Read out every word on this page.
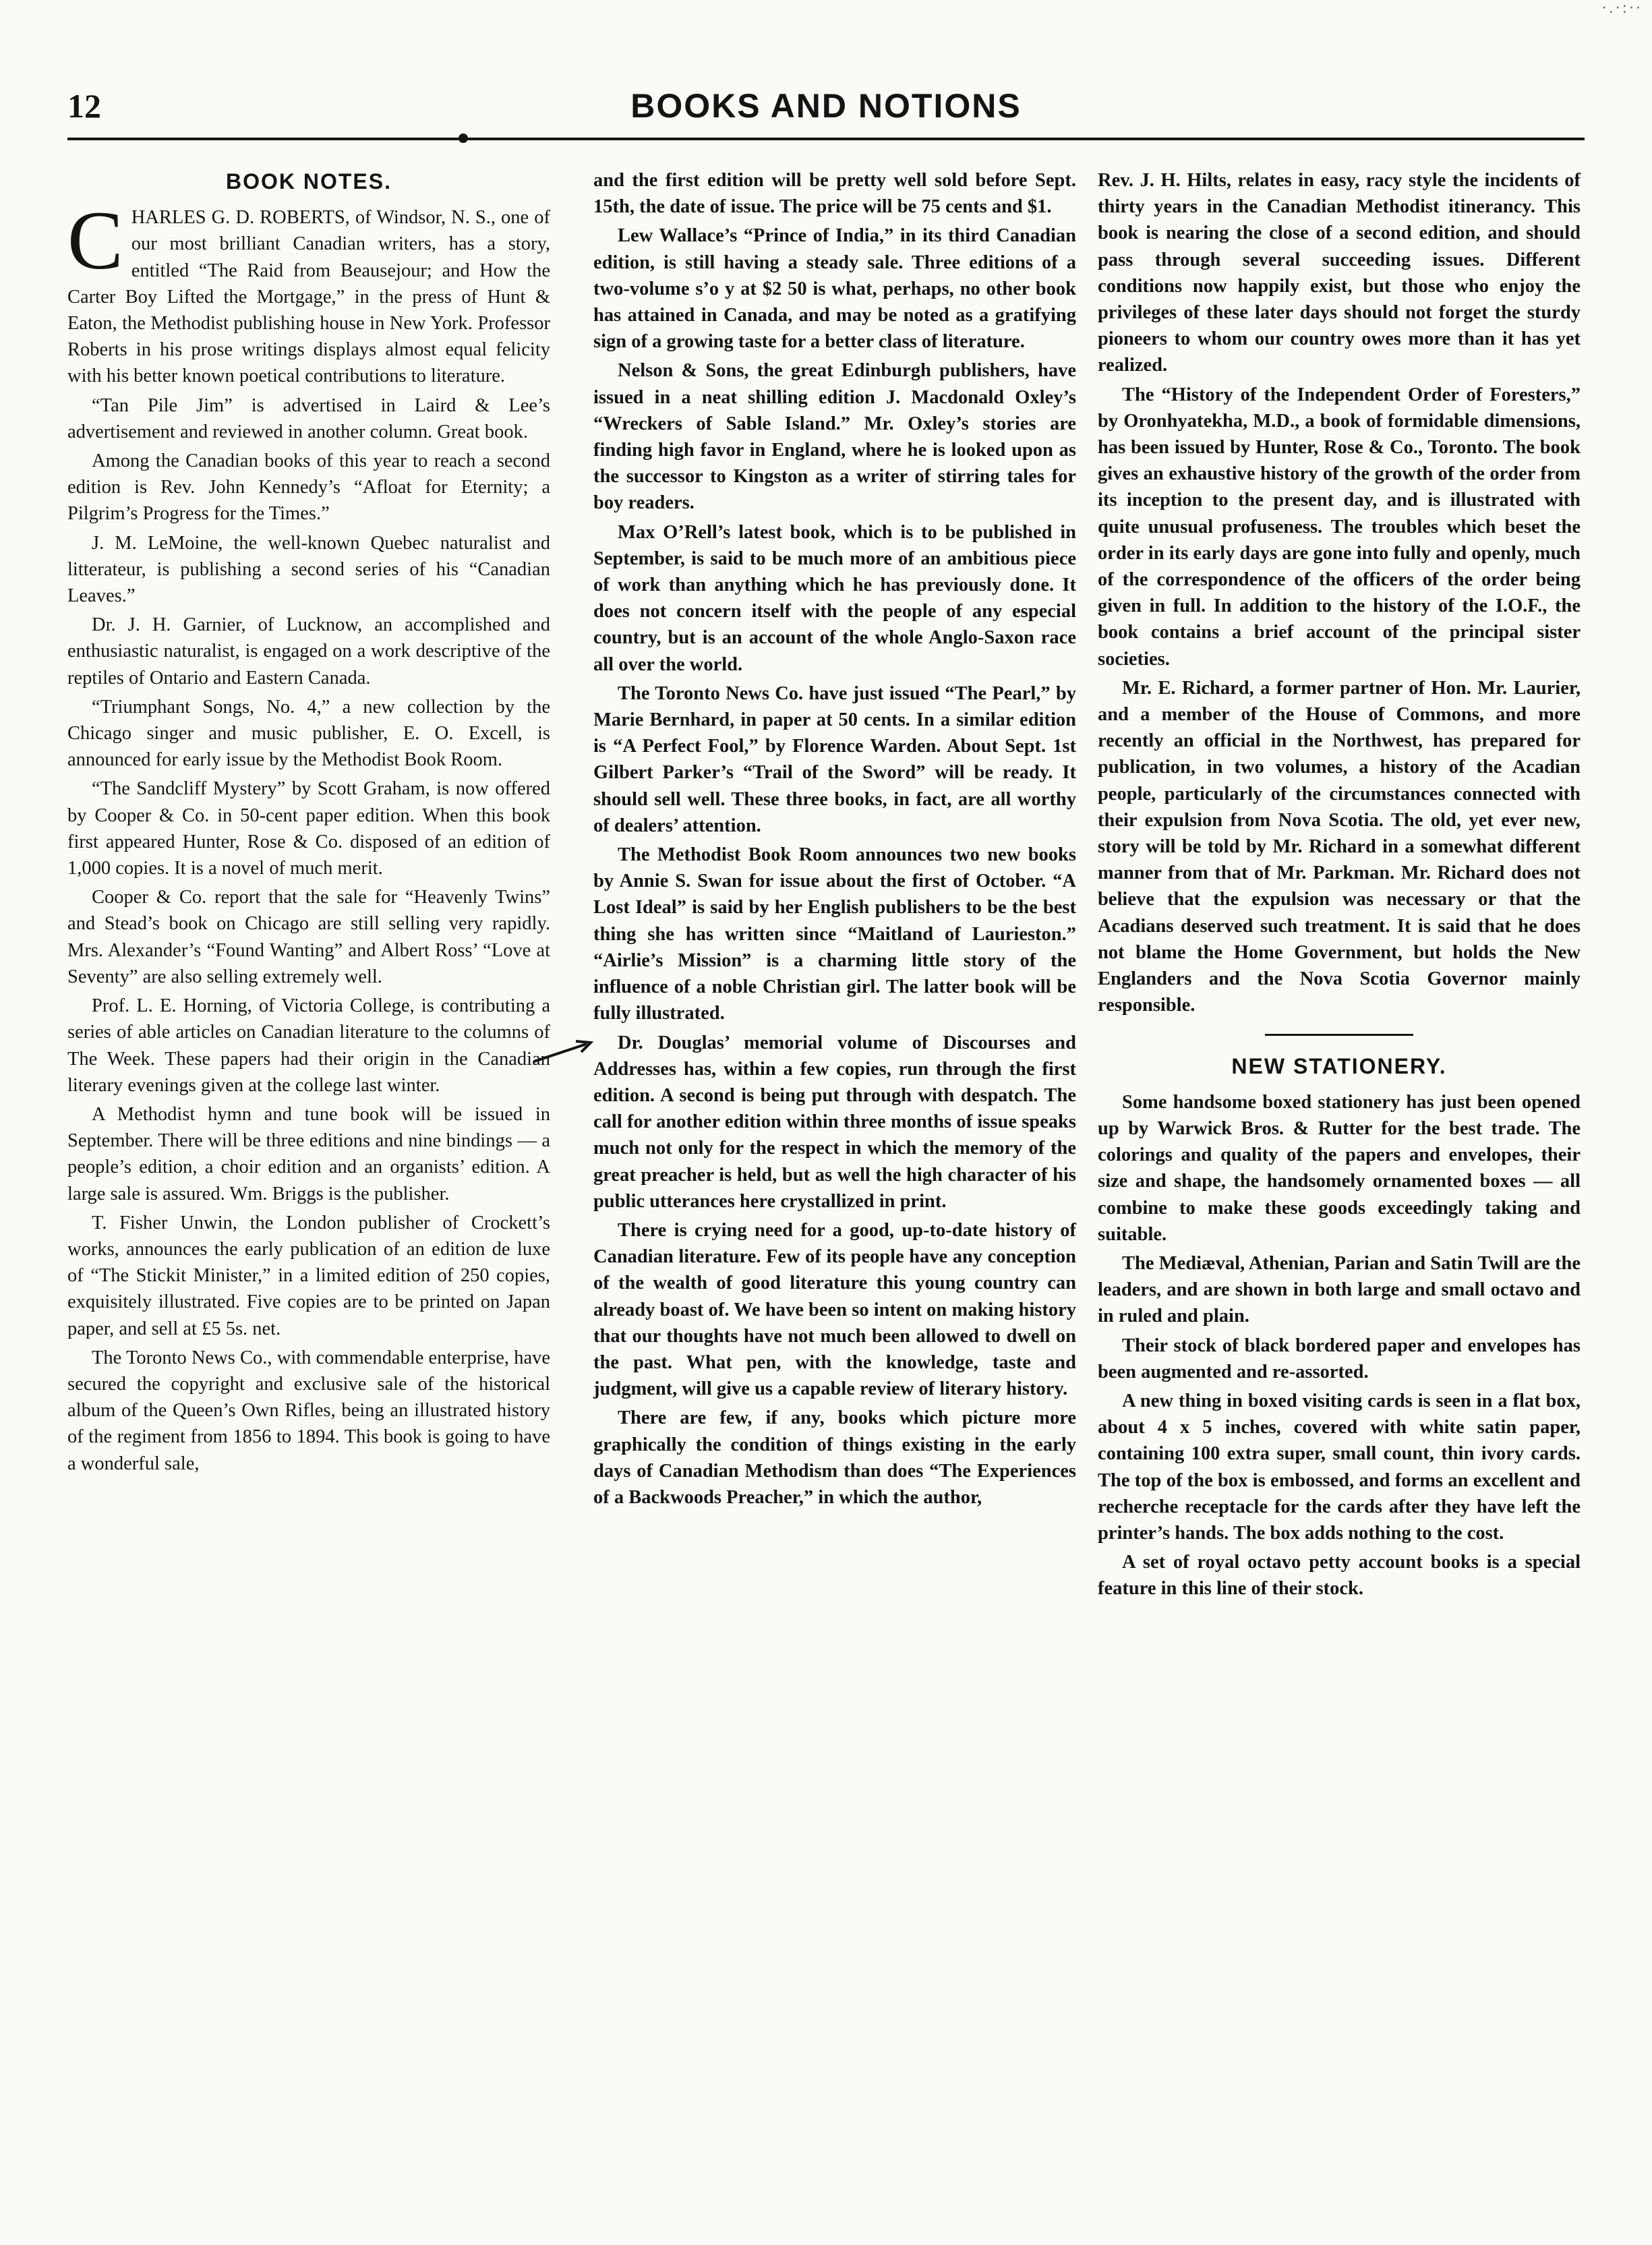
·.·:··
12	BOOKS AND NOTIONS
BOOK NOTES.

CHARLES G. D. ROBERTS, of Windsor, N. S., one of our most brilliant Canadian writers, has a story, entitled “The Raid from Beausejour; and How the Carter Boy Lifted the Mortgage,” in the press of Hunt & Eaton, the Methodist publishing house in New York. Professor Roberts in his prose writings displays almost equal felicity with his better known poetical contributions to literature.

“Tan Pile Jim” is advertised in Laird & Lee’s advertisement and reviewed in another column. Great book.

Among the Canadian books of this year to reach a second edition is Rev. John Kennedy’s “Afloat for Eternity; a Pilgrim’s Progress for the Times.”

J. M. LeMoine, the well-known Quebec naturalist and litterateur, is publishing a second series of his “Canadian Leaves.”

Dr. J. H. Garnier, of Lucknow, an accomplished and enthusiastic naturalist, is engaged on a work descriptive of the reptiles of Ontario and Eastern Canada.

“Triumphant Songs, No. 4,” a new collection by the Chicago singer and music publisher, E. O. Excell, is announced for early issue by the Methodist Book Room.

“The Sandcliff Mystery” by Scott Graham, is now offered by Cooper & Co. in 50-cent paper edition. When this book first appeared Hunter, Rose & Co. disposed of an edition of 1,000 copies. It is a novel of much merit.

Cooper & Co. report that the sale for “Heavenly Twins” and Stead’s book on Chicago are still selling very rapidly. Mrs. Alexander’s “Found Wanting” and Albert Ross’ “Love at Seventy” are also selling extremely well.

Prof. L. E. Horning, of Victoria College, is contributing a series of able articles on Canadian literature to the columns of The Week. These papers had their origin in the Canadian literary evenings given at the college last winter.

A Methodist hymn and tune book will be issued in September. There will be three editions and nine bindings — a people’s edition, a choir edition and an organists’ edition. A large sale is assured. Wm. Briggs is the publisher.

T. Fisher Unwin, the London publisher of Crockett’s works, announces the early publication of an edition de luxe of “The Stickit Minister,” in a limited edition of 250 copies, exquisitely illustrated. Five copies are to be printed on Japan paper, and sell at £5 5s. net.

The Toronto News Co., with commendable enterprise, have secured the copyright and exclusive sale of the historical album of the Queen’s Own Rifles, being an illustrated history of the regiment from 1856 to 1894. This book is going to have a wonderful sale,

and the first edition will be pretty well sold before Sept. 15th, the date of issue. The price will be 75 cents and $1.

Lew Wallace’s “Prince of India,” in its third Canadian edition, is still having a steady sale. Three editions of a two-volume s’o y at $2 50 is what, perhaps, no other book has attained in Canada, and may be noted as a gratifying sign of a growing taste for a better class of literature.

Nelson & Sons, the great Edinburgh publishers, have issued in a neat shilling edition J. Macdonald Oxley’s “Wreckers of Sable Island.” Mr. Oxley’s stories are finding high favor in England, where he is looked upon as the successor to Kingston as a writer of stirring tales for boy readers.

Max O’Rell’s latest book, which is to be published in September, is said to be much more of an ambitious piece of work than anything which he has previously done. It does not concern itself with the people of any especial country, but is an account of the whole Anglo-Saxon race all over the world.

The Toronto News Co. have just issued “The Pearl,” by Marie Bernhard, in paper at 50 cents. In a similar edition is “A Perfect Fool,” by Florence Warden. About Sept. 1st Gilbert Parker’s “Trail of the Sword” will be ready. It should sell well. These three books, in fact, are all worthy of dealers’ attention.

The Methodist Book Room announces two new books by Annie S. Swan for issue about the first of October. “A Lost Ideal” is said by her English publishers to be the best thing she has written since “Maitland of Laurieston.” “Airlie’s Mission” is a charming little story of the influence of a noble Christian girl. The latter book will be fully illustrated.

Dr. Douglas’ memorial volume of Discourses and Addresses has, within a few copies, run through the first edition. A second is being put through with despatch. The call for another edition within three months of issue speaks much not only for the respect in which the memory of the great preacher is held, but as well the high character of his public utterances here crystallized in print.

There is crying need for a good, up-to-date history of Canadian literature. Few of its people have any conception of the wealth of good literature this young country can already boast of. We have been so intent on making history that our thoughts have not much been allowed to dwell on the past. What pen, with the knowledge, taste and judgment, will give us a capable review of literary history.

There are few, if any, books which picture more graphically the condition of things existing in the early days of Canadian Methodism than does “The Experiences of a Backwoods Preacher,” in which the author,

Rev. J. H. Hilts, relates in easy, racy style the incidents of thirty years in the Canadian Methodist itinerancy. This book is nearing the close of a second edition, and should pass through several succeeding issues. Different conditions now happily exist, but those who enjoy the privileges of these later days should not forget the sturdy pioneers to whom our country owes more than it has yet realized.

The “History of the Independent Order of Foresters,” by Oronhyatekha, M.D., a book of formidable dimensions, has been issued by Hunter, Rose & Co., Toronto. The book gives an exhaustive history of the growth of the order from its inception to the present day, and is illustrated with quite unusual profuseness. The troubles which beset the order in its early days are gone into fully and openly, much of the correspondence of the officers of the order being given in full. In addition to the history of the I.O.F., the book contains a brief account of the principal sister societies.

Mr. E. Richard, a former partner of Hon. Mr. Laurier, and a member of the House of Commons, and more recently an official in the Northwest, has prepared for publication, in two volumes, a history of the Acadian people, particularly of the circumstances connected with their expulsion from Nova Scotia. The old, yet ever new, story will be told by Mr. Richard in a somewhat different manner from that of Mr. Parkman. Mr. Richard does not believe that the expulsion was necessary or that the Acadians deserved such treatment. It is said that he does not blame the Home Government, but holds the New Englanders and the Nova Scotia Governor mainly responsible.

NEW STATIONERY.

Some handsome boxed stationery has just been opened up by Warwick Bros. & Rutter for the best trade. The colorings and quality of the papers and envelopes, their size and shape, the handsomely ornamented boxes — all combine to make these goods exceedingly taking and suitable.

The Mediæval, Athenian, Parian and Satin Twill are the leaders, and are shown in both large and small octavo and in ruled and plain.

Their stock of black bordered paper and envelopes has been augmented and re-assorted.

A new thing in boxed visiting cards is seen in a flat box, about 4 x 5 inches, covered with white satin paper, containing 100 extra super, small count, thin ivory cards. The top of the box is embossed, and forms an excellent and recherche receptacle for the cards after they have left the printer’s hands. The box adds nothing to the cost.

A set of royal octavo petty account books is a special feature in this line of their stock.
